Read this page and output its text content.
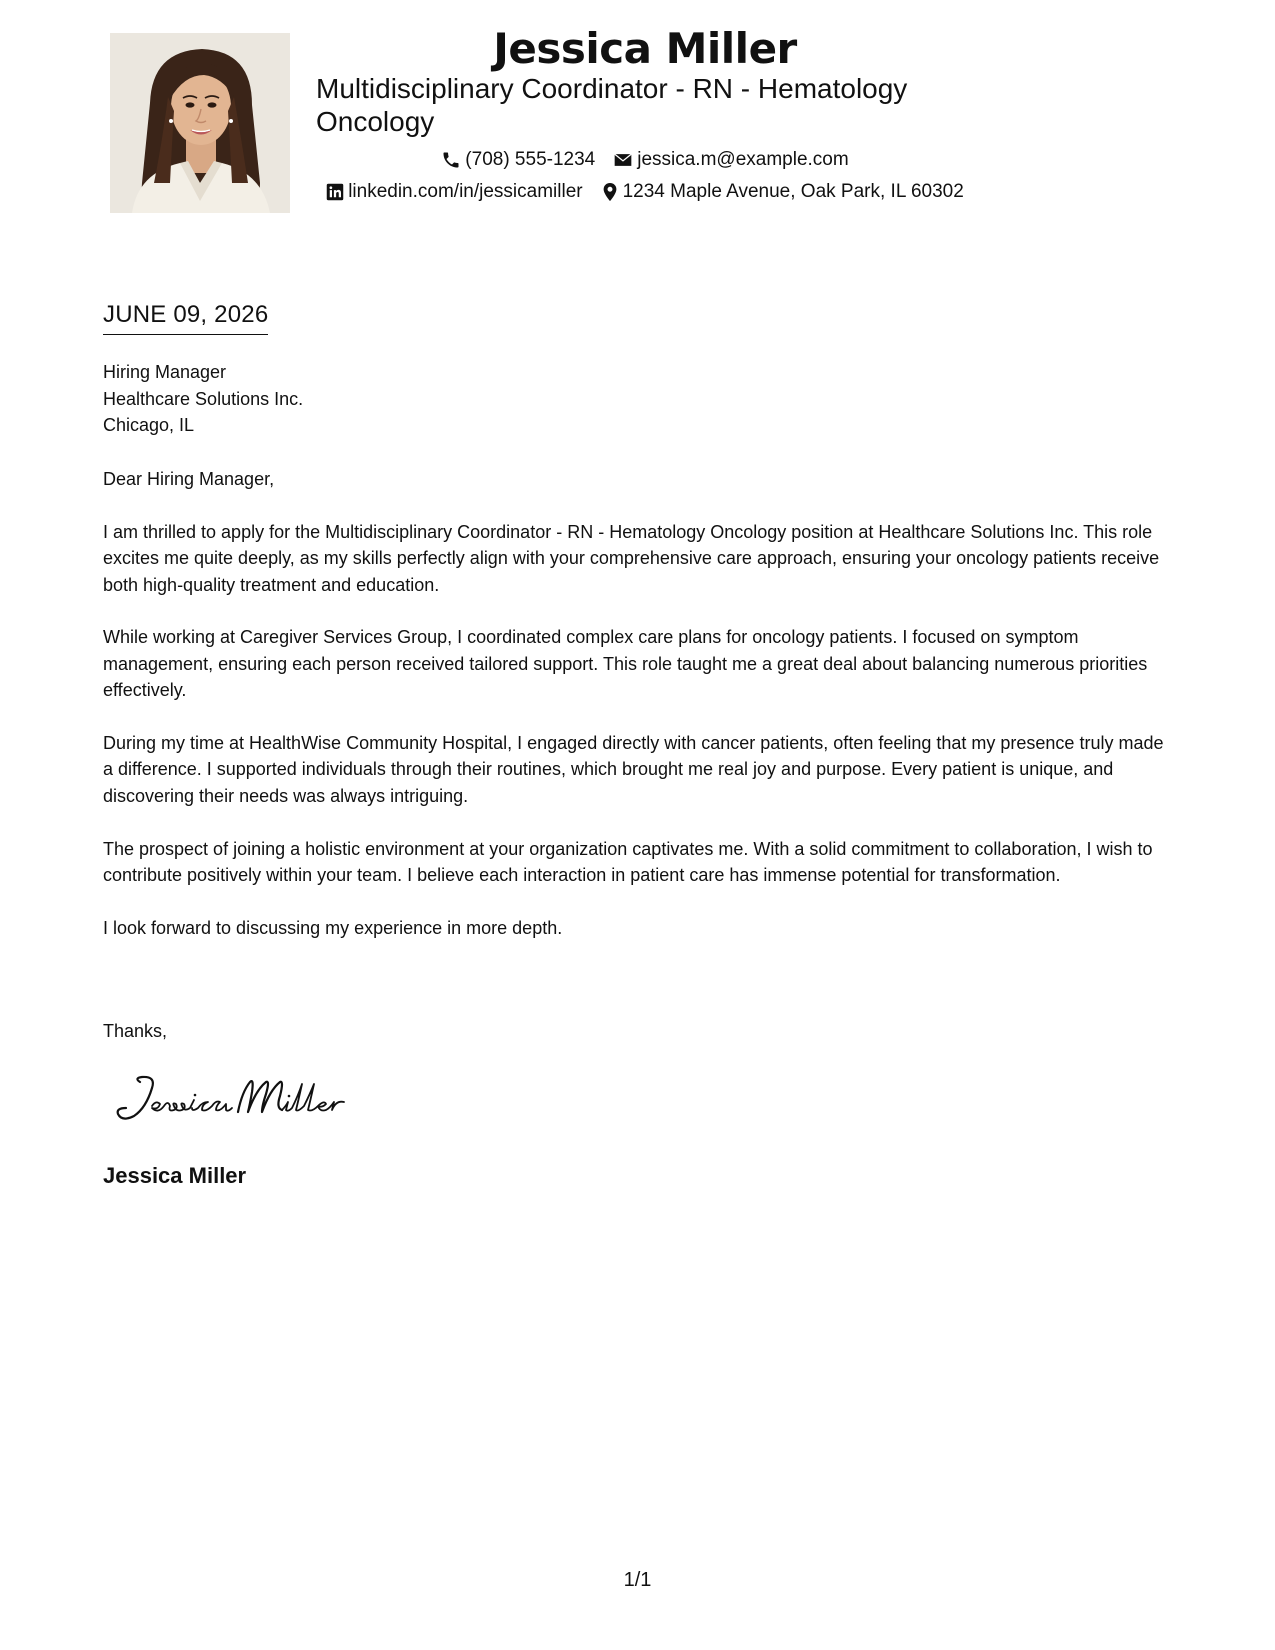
Jessica Miller
Multidisciplinary Coordinator - RN - Hematology Oncology
(708) 555-1234 jessica.m@example.com
linkedin.com/in/jessicamiller 1234 Maple Avenue, Oak Park, IL 60302
JUNE 09, 2026
Hiring Manager
Healthcare Solutions Inc.
Chicago, IL

Dear Hiring Manager,

I am thrilled to apply for the Multidisciplinary Coordinator - RN - Hematology Oncology position at Healthcare Solutions Inc. This role excites me quite deeply, as my skills perfectly align with your comprehensive care approach, ensuring your oncology patients receive both high-quality treatment and education.

While working at Caregiver Services Group, I coordinated complex care plans for oncology patients. I focused on symptom management, ensuring each person received tailored support. This role taught me a great deal about balancing numerous priorities effectively.

During my time at HealthWise Community Hospital, I engaged directly with cancer patients, often feeling that my presence truly made a difference. I supported individuals through their routines, which brought me real joy and purpose. Every patient is unique, and discovering their needs was always intriguing.

The prospect of joining a holistic environment at your organization captivates me. With a solid commitment to collaboration, I wish to contribute positively within your team. I believe each interaction in patient care has immense potential for transformation.

I look forward to discussing my experience in more depth.

Thanks,
Jessica Miller
1/1
